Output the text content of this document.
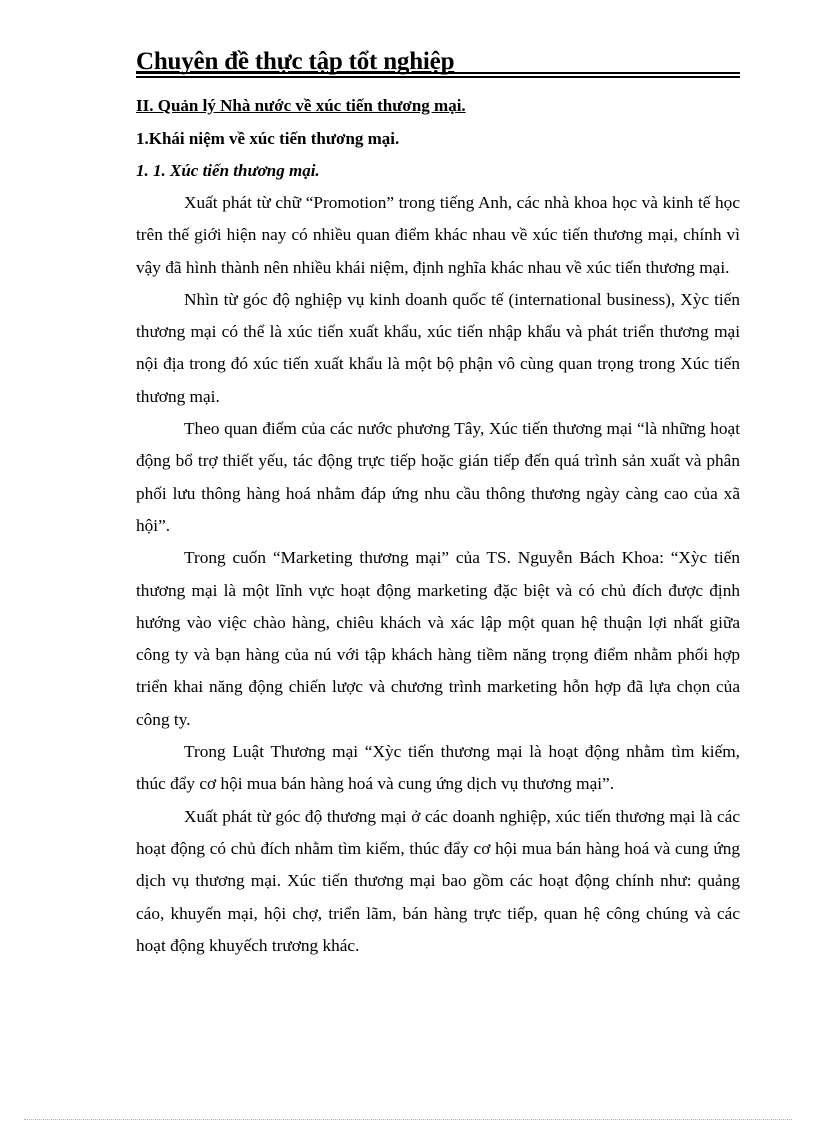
Chuyên đề thực tập tổt nghiệp
II. Quản lý Nhà nước về xúc tiến thương mại.
1.Khái niệm về xúc tiến thương mại.
1. 1. Xúc tiến thương mại.

Xuất phát từ chữ “Promotion” trong tiếng Anh, các nhà khoa học và kinh tế học trên thế giới hiện nay có nhiều quan điểm khác nhau về xúc tiến thương mại, chính vì vậy đã hình thành nên nhiều khái niệm, định nghĩa khác nhau về xúc tiến thương mại.

Nhìn từ góc độ nghiệp vụ kinh doanh quốc tế (international business), Xỳc tiến thương mại có thể là xúc tiến xuất khẩu, xúc tiến nhập khẩu và phát triển thương mại nội địa trong đó xúc tiến xuất khẩu là một bộ phận vô cùng quan trọng trong Xúc tiến thương mại.

Theo quan điểm của các nước phương Tây, Xúc tiến thương mại “là những hoạt động bổ trợ thiết yếu, tác động trực tiếp hoặc gián tiếp đến quá trình sản xuất và phân phối lưu thông hàng hoá nhằm đáp ứng nhu cầu thông thương ngày càng cao của xã hội”.

Trong cuốn “Marketing thương mại” của TS. Nguyễn Bách Khoa: “Xỳc tiến thương mại là một lĩnh vực hoạt động marketing đặc biệt và có chủ đích được định hướng vào việc chào hàng, chiêu khách và xác lập một quan hệ thuận lợi nhất giữa công ty và bạn hàng của nú với tập khách hàng tiềm năng trọng điểm nhằm phối hợp triển khai năng động chiến lược và chương trình marketing hỗn hợp đã lựa chọn của công ty.

Trong Luật Thương mại “Xỳc tiến thương mại là hoạt động nhằm tìm kiếm, thúc đẩy cơ hội mua bán hàng hoá và cung ứng dịch vụ thương mại”.

Xuất phát từ góc độ thương mại ở các doanh nghiệp, xúc tiến thương mại là các hoạt động có chủ đích nhằm tìm kiếm, thúc đẩy cơ hội mua bán hàng hoá và cung ứng dịch vụ thương mại. Xúc tiến thương mại bao gồm các hoạt động chính như: quảng cáo, khuyến mại, hội chợ, triển lãm, bán hàng trực tiếp, quan hệ công chúng và các hoạt động khuyếch trương khác.
